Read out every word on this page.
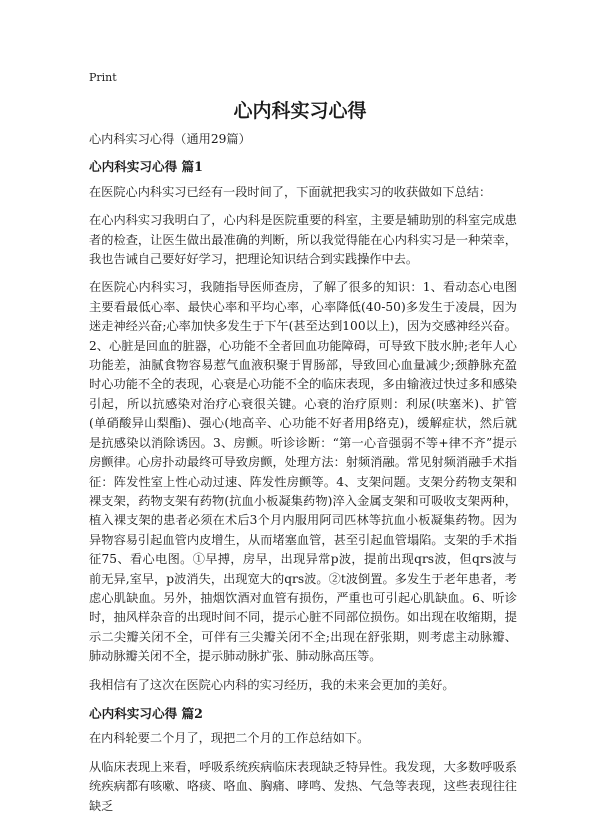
Print
心内科实习心得

心内科实习心得（通用29篇）

心内科实习心得 篇1

在医院心内科实习已经有一段时间了，下面就把我实习的收获做如下总结：

在心内科实习我明白了，心内科是医院重要的科室，主要是辅助别的科室完成患者的检查，让医生做出最准确的判断，所以我觉得能在心内科实习是一种荣幸，我也告诫自己要好好学习，把理论知识结合到实践操作中去。

在医院心内科实习，我随指导医师查房，了解了很多的知识：1、看动态心电图主要看最低心率、最快心率和平均心率，心率降低(40-50)多发生于凌晨，因为迷走神经兴奋;心率加快多发生于下午(甚至达到100以上)，因为交感神经兴奋。2、心脏是回血的脏器，心功能不全者回血功能障碍，可导致下肢水肿;老年人心功能差，油腻食物容易惹气血液积聚于胃肠部，导致回心血量减少;颈静脉充盈时心功能不全的表现，心衰是心功能不全的临床表现，多由输液过快过多和感染引起，所以抗感染对治疗心衰很关键。心衰的治疗原则：利尿(呋塞米)、扩管(单硝酸异山梨酯)、强心(地高辛、心功能不好者用β络克)，缓解症状，然后就是抗感染以消除诱因。3、房颤。听诊诊断：“第一心音强弱不等+律不齐”提示房颤律。心房扑动最终可导致房颤，处理方法：射频消融。常见射频消融手术指征：阵发性室上性心动过速、阵发性房颤等。4、支架问题。支架分药物支架和裸支架，药物支架有药物(抗血小板凝集药物)淬入金属支架和可吸收支架两种，植入裸支架的患者必须在术后3个月内服用阿司匹林等抗血小板凝集药物。因为异物容易引起血管内皮增生，从而堵塞血管，甚至引起血管塌陷。支架的手术指征75、看心电图。①早搏，房早，出现异常p波，提前出现qrs波，但qrs波与前无异,室早，p波消失，出现宽大的qrs波。②t波倒置。多发生于老年患者，考虑心肌缺血。另外，抽烟饮酒对血管有损伤，严重也可引起心肌缺血。6、听诊时，抽风样杂音的出现时间不同，提示心脏不同部位损伤。如出现在收缩期，提示二尖瓣关闭不全，可伴有三尖瓣关闭不全;出现在舒张期，则考虑主动脉瓣、肺动脉瓣关闭不全，提示肺动脉扩张、肺动脉高压等。

我相信有了这次在医院心内科的实习经历，我的未来会更加的美好。

心内科实习心得 篇2

在内科轮要二个月了，现把二个月的工作总结如下。

从临床表现上来看，呼吸系统疾病临床表现缺乏特异性。我发现，大多数呼吸系统疾病都有咳嗽、咯痰、咯血、胸痛、哮鸣、发热、气急等表现，这些表现往往缺乏
